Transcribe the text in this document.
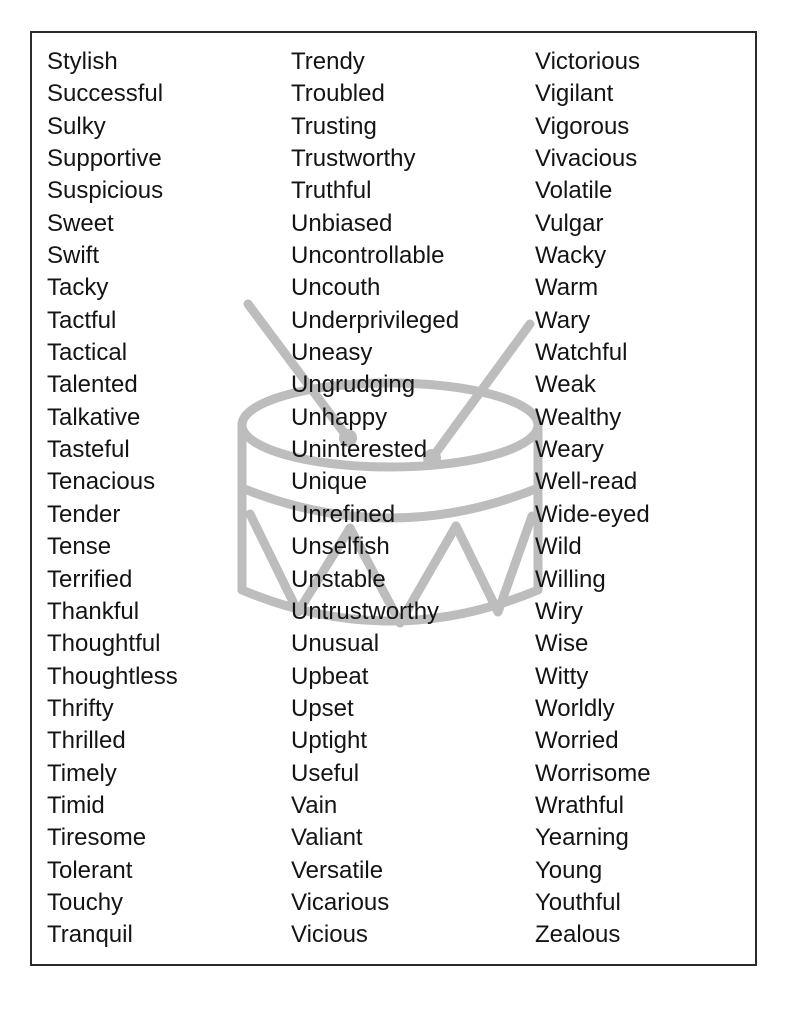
Stylish
Successful
Sulky
Supportive
Suspicious
Sweet
Swift
Tacky
Tactful
Tactical
Talented
Talkative
Tasteful
Tenacious
Tender
Tense
Terrified
Thankful
Thoughtful
Thoughtless
Thrifty
Thrilled
Timely
Timid
Tiresome
Tolerant
Touchy
Tranquil
Trendy
Troubled
Trusting
Trustworthy
Truthful
Unbiased
Uncontrollable
Uncouth
Underprivileged
Uneasy
Ungrudging
Unhappy
Uninterested
Unique
Unrefined
Unselfish
Unstable
Untrustworthy
Unusual
Upbeat
Upset
Uptight
Useful
Vain
Valiant
Versatile
Vicarious
Vicious
Victorious
Vigilant
Vigorous
Vivacious
Volatile
Vulgar
Wacky
Warm
Wary
Watchful
Weak
Wealthy
Weary
Well-read
Wide-eyed
Wild
Willing
Wiry
Wise
Witty
Worldly
Worried
Worrisome
Wrathful
Yearning
Young
Youthful
Zealous
